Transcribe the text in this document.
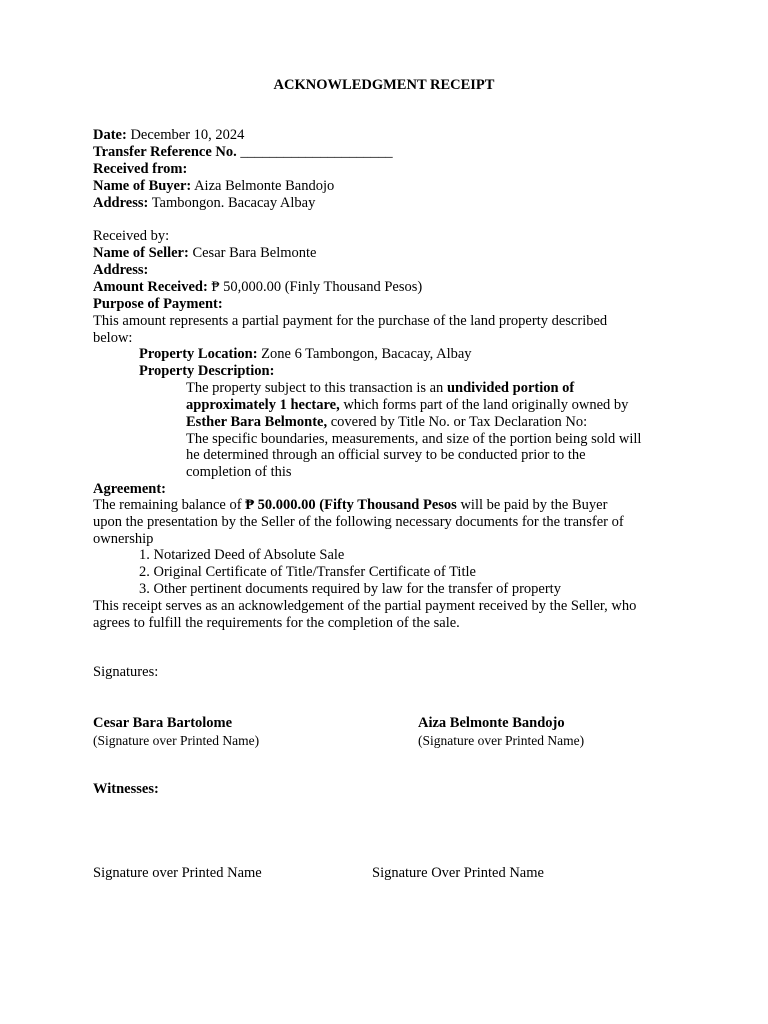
ACKNOWLEDGMENT RECEIPT
Date: December 10, 2024
Transfer Reference No. _____________________
Received from:
Name of Buyer: Aiza Belmonte Bandojo
Address: Tambongon. Bacacay Albay
Received by:
Name of Seller: Cesar Bara Belmonte
Address:
Amount Received: ₱ 50,000.00 (Finly Thousand Pesos)
Purpose of Payment:
This amount represents a partial payment for the purchase of the land property described
below:
Property Location: Zone 6 Tambongon, Bacacay, Albay
Property Description:
The property subject to this transaction is an undivided portion of
approximately 1 hectare, which forms part of the land originally owned by
Esther Bara Belmonte, covered by Title No. or Tax Declaration No:
The specific boundaries, measurements, and size of the portion being sold will
he determined through an official survey to be conducted prior to the
completion of this
Agreement:
The remaining balance of ₱ 50.000.00 (Fifty Thousand Pesos will be paid by the Buyer
upon the presentation by the Seller of the following necessary documents for the transfer of
ownership
1. Notarized Deed of Absolute Sale
2. Original Certificate of Title/Transfer Certificate of Title
3. Other pertinent documents required by law for the transfer of property
This receipt serves as an acknowledgement of the partial payment received by the Seller, who
agrees to fulfill the requirements for the completion of the sale.
Signatures:
Cesar Bara Bartolome
(Signature over Printed Name)
Aiza Belmonte Bandojo
(Signature over Printed Name)
Witnesses:
Signature over Printed Name	Signature Over Printed Name
